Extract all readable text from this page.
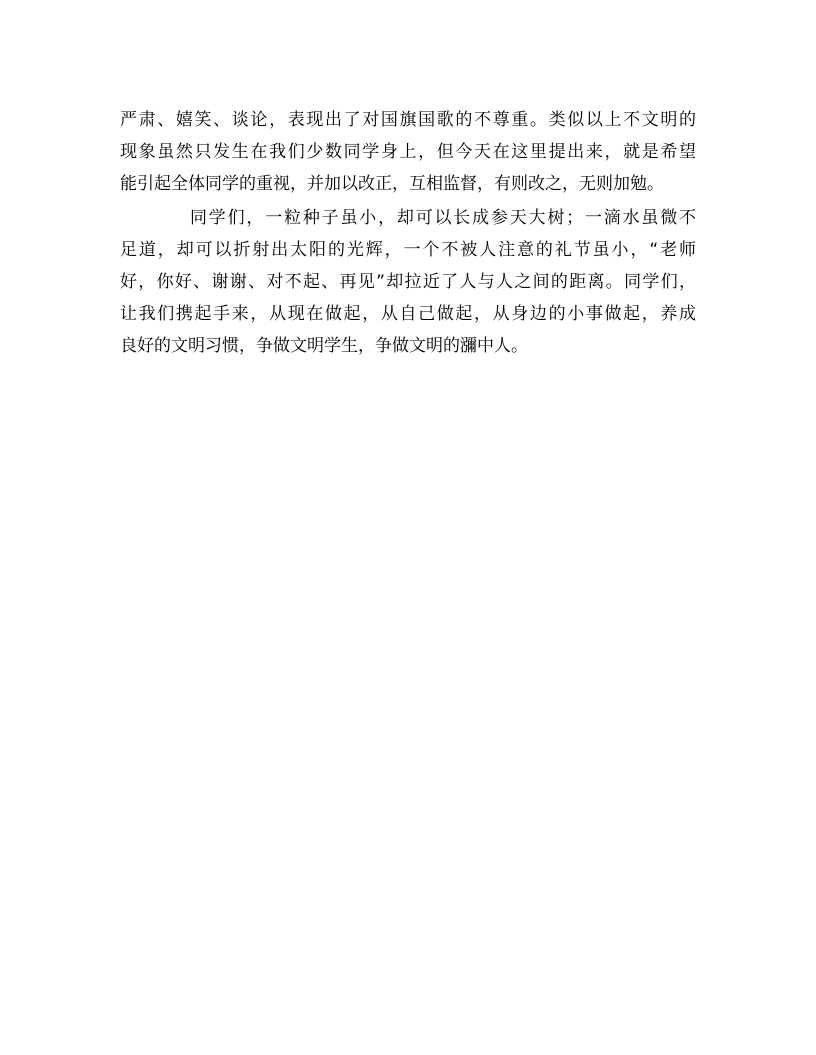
严肃、嬉笑、谈论，表现出了对国旗国歌的不尊重。类似以上不文明的
现象虽然只发生在我们少数同学身上，但今天在这里提出来，就是希望
能引起全体同学的重视，并加以改正，互相监督，有则改之，无则加勉。
同学们，一粒种子虽小，却可以长成参天大树；一滴水虽微不
足道，却可以折射出太阳的光辉，一个不被人注意的礼节虽小，“老师
好，你好、谢谢、对不起、再见”却拉近了人与人之间的距离。同学们，
让我们携起手来，从现在做起，从自己做起，从身边的小事做起，养成
良好的文明习惯，争做文明学生，争做文明的瀰中人。
